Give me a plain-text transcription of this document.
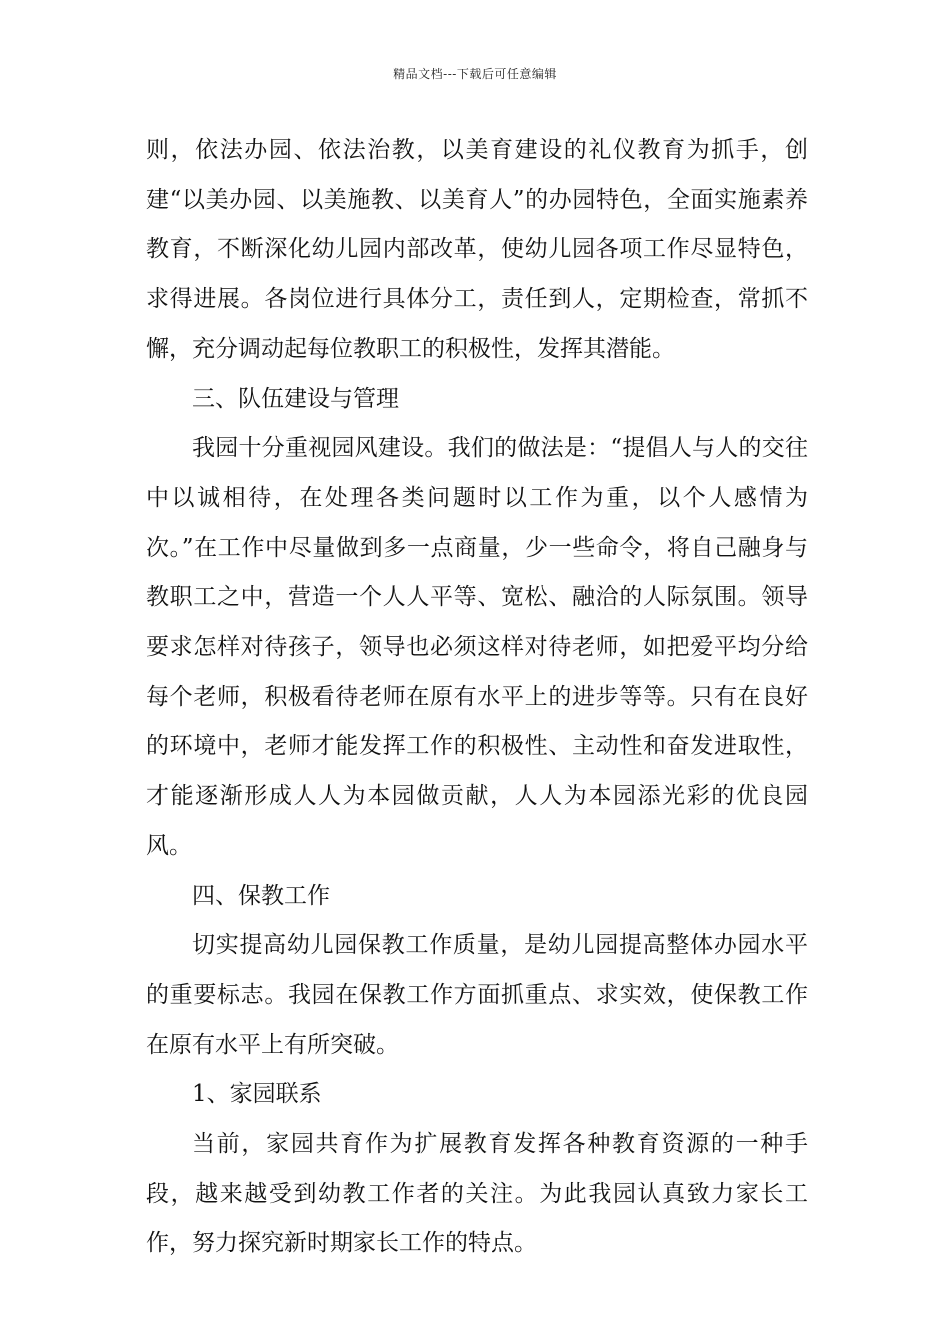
精品文档---下载后可任意编辑

则，依法办园、依法治教，以美育建设的礼仪教育为抓手，创建“以美办园、以美施教、以美育人”的办园特色，全面实施素养教育，不断深化幼儿园内部改革，使幼儿园各项工作尽显特色，求得进展。各岗位进行具体分工，责任到人，定期检查，常抓不懈，充分调动起每位教职工的积极性，发挥其潜能。

三、队伍建设与管理

我园十分重视园风建设。我们的做法是：“提倡人与人的交往中以诚相待，在处理各类问题时以工作为重，以个人感情为次。”在工作中尽量做到多一点商量，少一些命令，将自己融身与教职工之中，营造一个人人平等、宽松、融洽的人际氛围。领导要求怎样对待孩子，领导也必须这样对待老师，如把爱平均分给每个老师，积极看待老师在原有水平上的进步等等。只有在良好的环境中，老师才能发挥工作的积极性、主动性和奋发进取性，才能逐渐形成人人为本园做贡献，人人为本园添光彩的优良园风。

四、保教工作

切实提高幼儿园保教工作质量，是幼儿园提高整体办园水平的重要标志。我园在保教工作方面抓重点、求实效，使保教工作在原有水平上有所突破。

1、家园联系

当前，家园共育作为扩展教育发挥各种教育资源的一种手段，越来越受到幼教工作者的关注。为此我园认真致力家长工作，努力探究新时期家长工作的特点。
